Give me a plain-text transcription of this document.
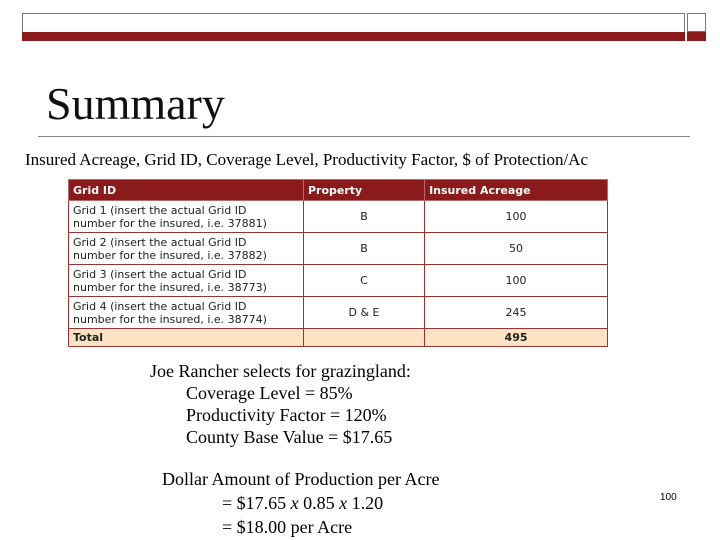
Summary
Insured Acreage, Grid ID, Coverage Level, Productivity Factor, $ of Protection/Ac
Grid ID	Property	Insured Acreage
Grid 1 (insert the actual Grid ID
number for the insured, i.e. 37881)	B	100
Grid 2 (insert the actual Grid ID
number for the insured, i.e. 37882)	B	50
Grid 3 (insert the actual Grid ID
number for the insured, i.e. 38773)	C	100
Grid 4 (insert the actual Grid ID
number for the insured, i.e. 38774)	D & E	245
Total		495
Joe Rancher selects for grazingland:
Coverage Level = 85%
Productivity Factor = 120%
County Base Value = $17.65
Dollar Amount of Production per Acre
= $17.65 x 0.85 x 1.20
= $18.00 per Acre
100
